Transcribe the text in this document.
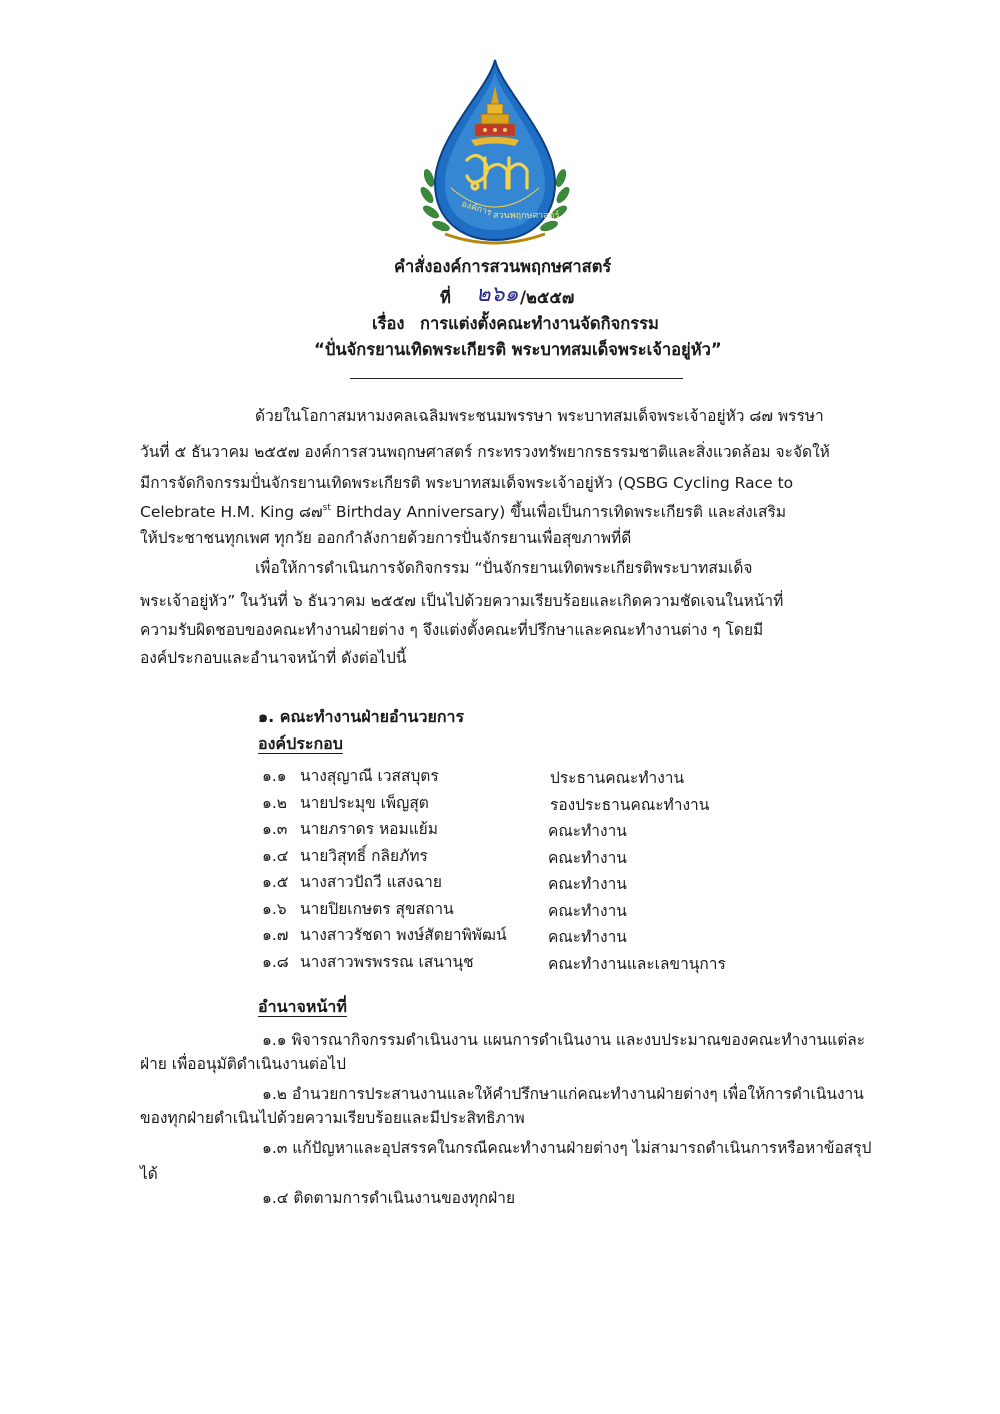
องค์การ สวนพฤกษศาสตร์
คำสั่งองค์การสวนพฤกษศาสตร์
ที่ ๒๖๑ /๒๕๕๗
เรื่อง การแต่งตั้งคณะทำงานจัดกิจกรรม
“ปั่นจักรยานเทิดพระเกียรติ พระบาทสมเด็จพระเจ้าอยู่หัว”
ด้วยในโอกาสมหามงคลเฉลิมพระชนมพรรษา พระบาทสมเด็จพระเจ้าอยู่หัว ๘๗ พรรษา
วันที่ ๕ ธันวาคม ๒๕๕๗ องค์การสวนพฤกษศาสตร์ กระทรวงทรัพยากรธรรมชาติและสิ่งแวดล้อม จะจัดให้
มีการจัดกิจกรรมปั่นจักรยานเทิดพระเกียรติ พระบาทสมเด็จพระเจ้าอยู่หัว (QSBG Cycling Race to
Celebrate H.M. King ๘๗$^{st}$ Birthday Anniversary) ขึ้นเพื่อเป็นการเทิดพระเกียรติ และส่งเสริม
ให้ประชาชนทุกเพศ ทุกวัย ออกกำลังกายด้วยการปั่นจักรยานเพื่อสุขภาพที่ดี
เพื่อให้การดำเนินการจัดกิจกรรม “ปั่นจักรยานเทิดพระเกียรติพระบาทสมเด็จ
พระเจ้าอยู่หัว” ในวันที่ ๖ ธันวาคม ๒๕๕๗ เป็นไปด้วยความเรียบร้อยและเกิดความชัดเจนในหน้าที่
ความรับผิดชอบของคณะทำงานฝ่ายต่าง ๆ จึงแต่งตั้งคณะที่ปรึกษาและคณะทำงานต่าง ๆ โดยมี
องค์ประกอบและอำนาจหน้าที่ ดังต่อไปนี้
๑. คณะทำงานฝ่ายอำนวยการ
องค์ประกอบ
๑.๑ นางสุญาณี เวสสบุตร	ประธานคณะทำงาน
๑.๒ นายประมุข เพ็ญสุต	รองประธานคณะทำงาน
๑.๓ นายภราดร หอมแย้ม	คณะทำงาน
๑.๔ นายวิสุทธิ์ กลิยภัทร	คณะทำงาน
๑.๕ นางสาวปัถวี แสงฉาย	คณะทำงาน
๑.๖ นายปิยเกษตร สุขสถาน	คณะทำงาน
๑.๗ นางสาวรัชดา พงษ์สัตยาพิพัฒน์	คณะทำงาน
๑.๘ นางสาวพรพรรณ เสนานุช	คณะทำงานและเลขานุการ
อำนาจหน้าที่
๑.๑ พิจารณากิจกรรมดำเนินงาน แผนการดำเนินงาน และงบประมาณของคณะทำงานแต่ละ
ฝ่าย เพื่ออนุมัติดำเนินงานต่อไป
๑.๒ อำนวยการประสานงานและให้คำปรึกษาแก่คณะทำงานฝ่ายต่างๆ เพื่อให้การดำเนินงาน
ของทุกฝ่ายดำเนินไปด้วยความเรียบร้อยและมีประสิทธิภาพ
๑.๓ แก้ปัญหาและอุปสรรคในกรณีคณะทำงานฝ่ายต่างๆ ไม่สามารถดำเนินการหรือหาข้อสรุป
ได้
๑.๔ ติดตามการดำเนินงานของทุกฝ่าย
